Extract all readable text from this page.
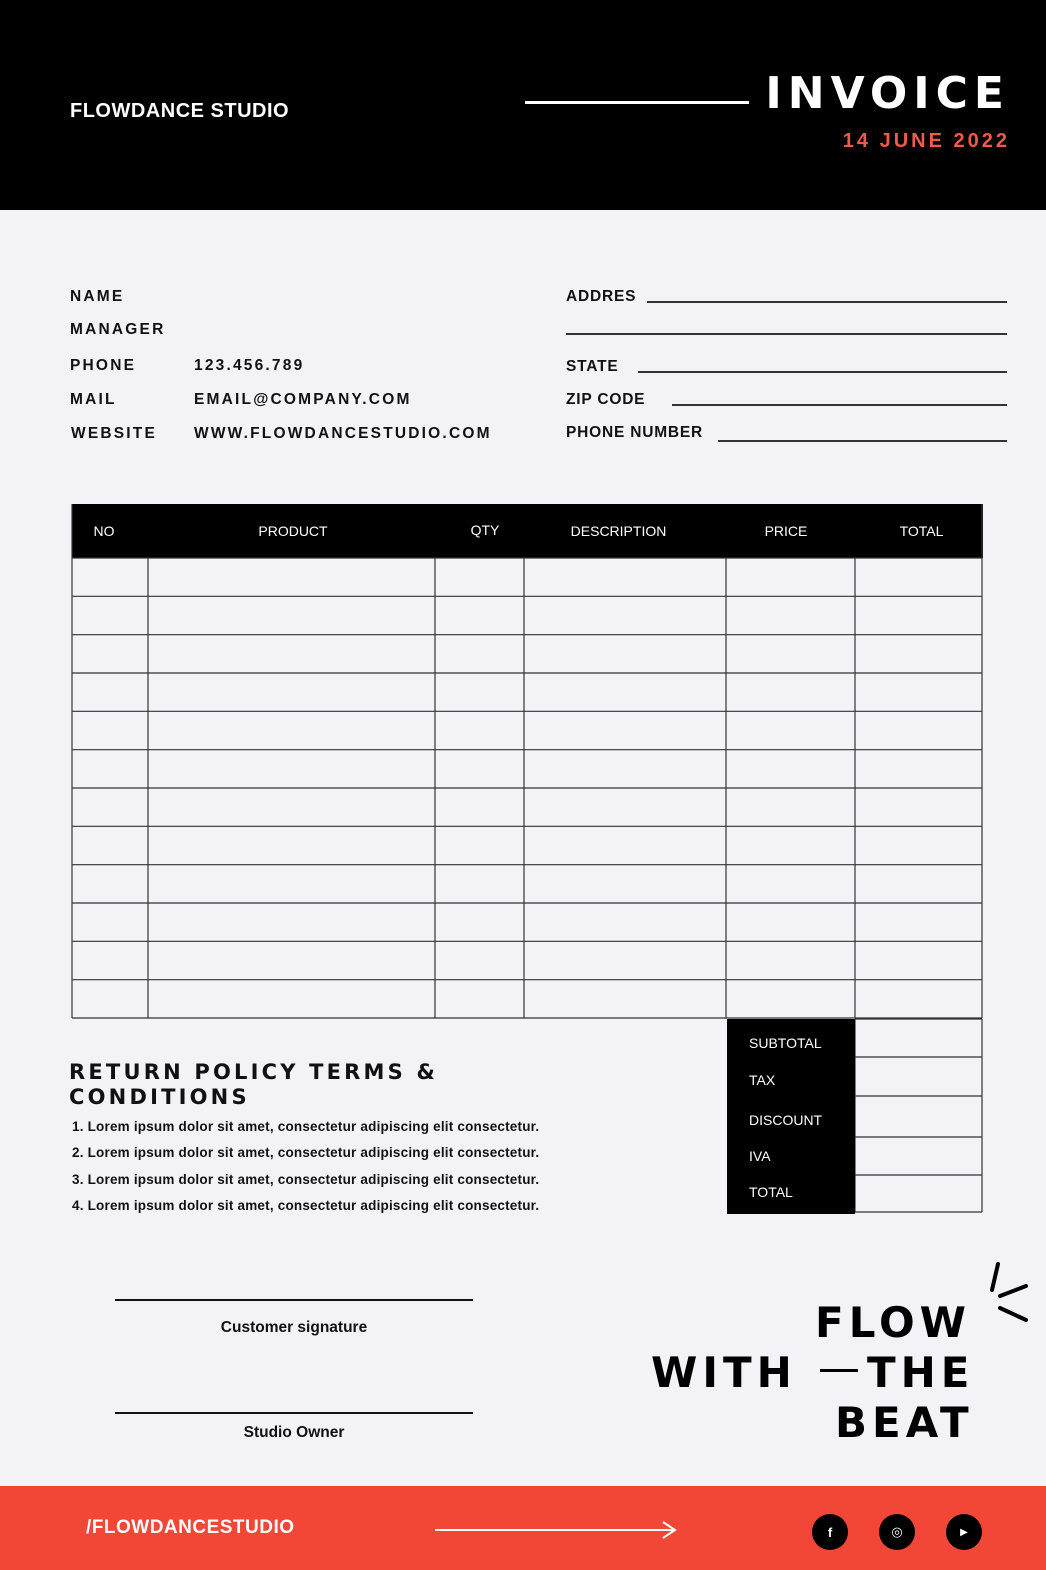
FLOWDANCE STUDIO	INVOICE
14 JUNE 2022
NAME
MANAGER
PHONE	123.456.789
MAIL	EMAIL@COMPANY.COM
WEBSITE WWW.FLOWDANCESTUDIO.COM
ADDRES
STATE
ZIP CODE
PHONE NUMBER
NO	PRODUCT	QTY	DESCRIPTION	PRICE	TOTAL
SUBTOTAL
TAX
DISCOUNT
IVA
TOTAL
RETURN POLICY TERMS & CONDITIONS
1. Lorem ipsum dolor sit amet, consectetur adipiscing elit consectetur.
2. Lorem ipsum dolor sit amet, consectetur adipiscing elit consectetur.
3. Lorem ipsum dolor sit amet, consectetur adipiscing elit consectetur.
4. Lorem ipsum dolor sit amet, consectetur adipiscing elit consectetur.
Customer signature
Studio Owner
FLOW
WITH THE
BEAT
/FLOWDANCESTUDIO	f	◎	▶
